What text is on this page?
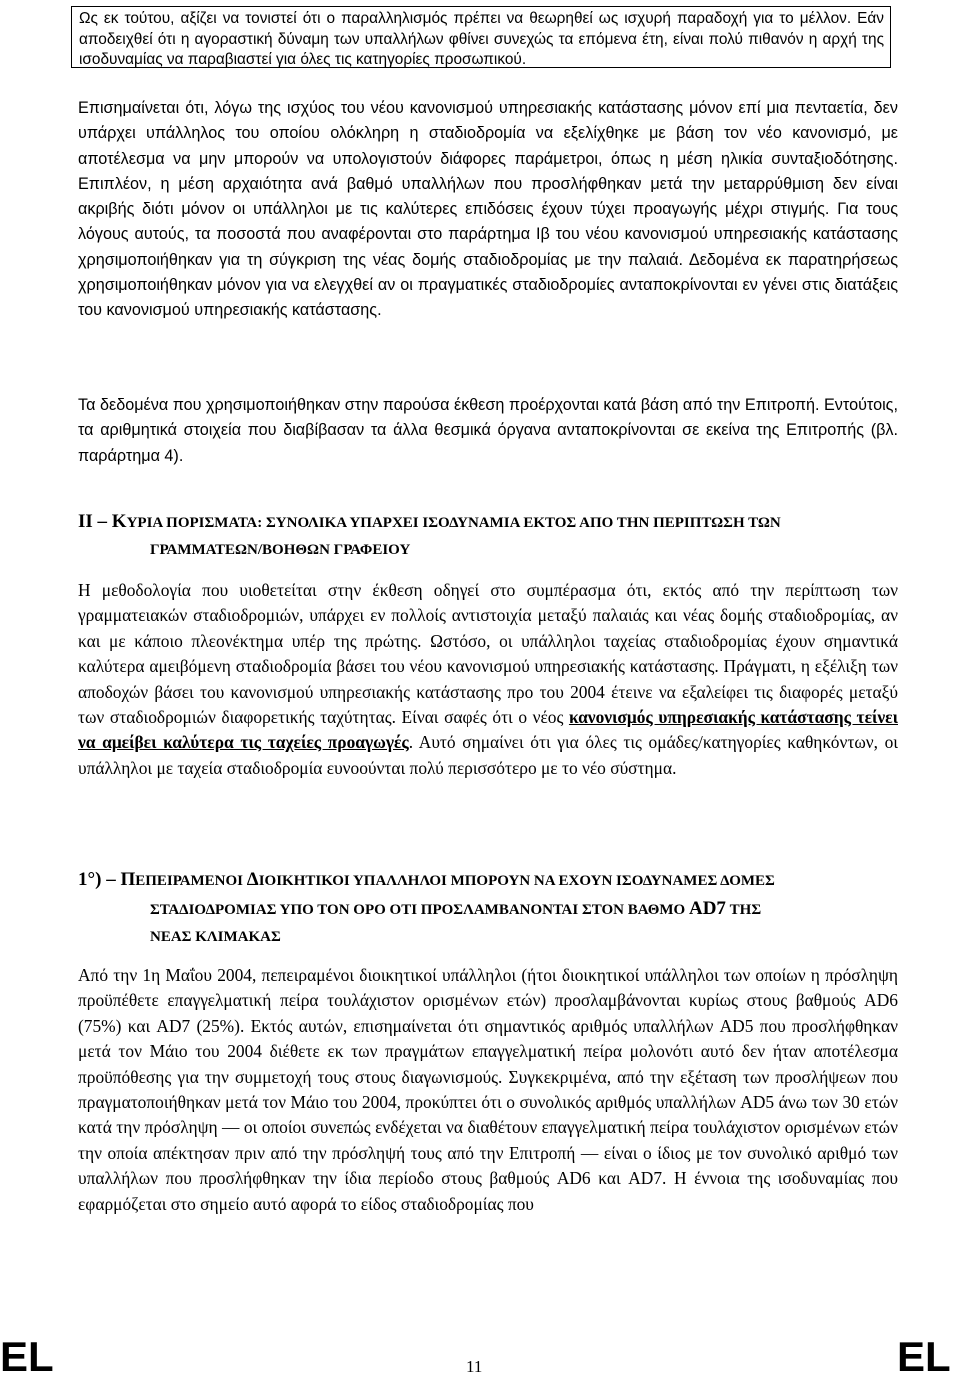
Ως εκ τούτου, αξίζει να τονιστεί ότι ο παραλληλισμός πρέπει να θεωρηθεί ως ισχυρή παραδοχή για το μέλλον. Εάν αποδειχθεί ότι η αγοραστική δύναμη των υπαλλήλων φθίνει συνεχώς τα επόμενα έτη, είναι πολύ πιθανόν η αρχή της ισοδυναμίας να παραβιαστεί για όλες τις κατηγορίες προσωπικού.

Επισημαίνεται ότι, λόγω της ισχύος του νέου κανονισμού υπηρεσιακής κατάστασης μόνον επί μια πενταετία, δεν υπάρχει υπάλληλος του οποίου ολόκληρη η σταδιοδρομία να εξελίχθηκε με βάση τον νέο κανονισμό, με αποτέλεσμα να μην μπορούν να υπολογιστούν διάφορες παράμετροι, όπως η μέση ηλικία συνταξιοδότησης. Επιπλέον, η μέση αρχαιότητα ανά βαθμό υπαλλήλων που προσλήφθηκαν μετά την μεταρρύθμιση δεν είναι ακριβής διότι μόνον οι υπάλληλοι με τις καλύτερες επιδόσεις έχουν τύχει προαγωγής μέχρι στιγμής. Για τους λόγους αυτούς, τα ποσοστά που αναφέρονται στο παράρτημα Ιβ του νέου κανονισμού υπηρεσιακής κατάστασης χρησιμοποιήθηκαν για τη σύγκριση της νέας δομής σταδιοδρομίας με την παλαιά. Δεδομένα εκ παρατηρήσεως χρησιμοποιήθηκαν μόνον για να ελεγχθεί αν οι πραγματικές σταδιοδρομίες ανταποκρίνονται εν γένει στις διατάξεις του κανονισμού υπηρεσιακής κατάστασης.

Τα δεδομένα που χρησιμοποιήθηκαν στην παρούσα έκθεση προέρχονται κατά βάση από την Επιτροπή. Εντούτοις, τα αριθμητικά στοιχεία που διαβίβασαν τα άλλα θεσμικά όργανα ανταποκρίνονται σε εκείνα της Επιτροπής (βλ. παράρτημα 4).

II – ΚΥΡΙΑ ΠΟΡΙΣΜΑΤΑ: ΣΥΝΟΛΙΚΑ ΥΠΑΡΧΕΙ ΙΣΟΔΥΝΑΜΙΑ ΕΚΤΟΣ ΑΠΟ ΤΗΝ ΠΕΡΙΠΤΩΣΗ ΤΩΝ
ΓΡΑΜΜΑΤΕΩΝ/ΒΟΗΘΩΝ ΓΡΑΦΕΙΟΥ

Η μεθοδολογία που υιοθετείται στην έκθεση οδηγεί στο συμπέρασμα ότι, εκτός από την περίπτωση των γραμματειακών σταδιοδρομιών, υπάρχει εν πολλοίς αντιστοιχία μεταξύ παλαιάς και νέας δομής σταδιοδρομίας, αν και με κάποιο πλεονέκτημα υπέρ της πρώτης. Ωστόσο, οι υπάλληλοι ταχείας σταδιοδρομίας έχουν σημαντικά καλύτερα αμειβόμενη σταδιοδρομία βάσει του νέου κανονισμού υπηρεσιακής κατάστασης. Πράγματι, η εξέλιξη των αποδοχών βάσει του κανονισμού υπηρεσιακής κατάστασης προ του 2004 έτεινε να εξαλείφει τις διαφορές μεταξύ των σταδιοδρομιών διαφορετικής ταχύτητας. Είναι σαφές ότι ο νέος κανονισμός υπηρεσιακής κατάστασης τείνει να αμείβει καλύτερα τις ταχείες προαγωγές. Αυτό σημαίνει ότι για όλες τις ομάδες/κατηγορίες καθηκόντων, οι υπάλληλοι με ταχεία σταδιοδρομία ευνοούνται πολύ περισσότερο με το νέο σύστημα.

1°) – ΠΕΠΕΙΡΑΜΕΝΟΙ ΔΙΟΙΚΗΤΙΚΟΙ ΥΠΑΛΛΗΛΟΙ ΜΠΟΡΟΥΝ ΝΑ ΕΧΟΥΝ ΙΣΟΔΥΝΑΜΕΣ ΔΟΜΕΣ
ΣΤΑΔΙΟΔΡΟΜΙΑΣ ΥΠΟ ΤΟΝ ΟΡΟ ΟΤΙ ΠΡΟΣΛΑΜΒΑΝΟΝΤΑΙ ΣΤΟΝ ΒΑΘΜΟ AD7 ΤΗΣ
ΝΕΑΣ ΚΛΙΜΑΚΑΣ

Από την 1η Μαΐου 2004, πεπειραμένοι διοικητικοί υπάλληλοι (ήτοι διοικητικοί υπάλληλοι των οποίων η πρόσληψη προϋπέθετε επαγγελματική πείρα τουλάχιστον ορισμένων ετών) προσλαμβάνονται κυρίως στους βαθμούς AD6 (75%) και AD7 (25%). Εκτός αυτών, επισημαίνεται ότι σημαντικός αριθμός υπαλλήλων AD5 που προσλήφθηκαν μετά τον Μάιο του 2004 διέθετε εκ των πραγμάτων επαγγελματική πείρα μολονότι αυτό δεν ήταν αποτέλεσμα προϋπόθεσης για την συμμετοχή τους στους διαγωνισμούς. Συγκεκριμένα, από την εξέταση των προσλήψεων που πραγματοποιήθηκαν μετά τον Μάιο του 2004, προκύπτει ότι ο συνολικός αριθμός υπαλλήλων AD5 άνω των 30 ετών κατά την πρόσληψη — οι οποίοι συνεπώς ενδέχεται να διαθέτουν επαγγελματική πείρα τουλάχιστον ορισμένων ετών την οποία απέκτησαν πριν από την πρόσληψή τους από την Επιτροπή — είναι ο ίδιος με τον συνολικό αριθμό των υπαλλήλων που προσλήφθηκαν την ίδια περίοδο στους βαθμούς AD6 και AD7. Η έννοια της ισοδυναμίας που εφαρμόζεται στο σημείο αυτό αφορά το είδος σταδιοδρομίας που

EL	11	EL
